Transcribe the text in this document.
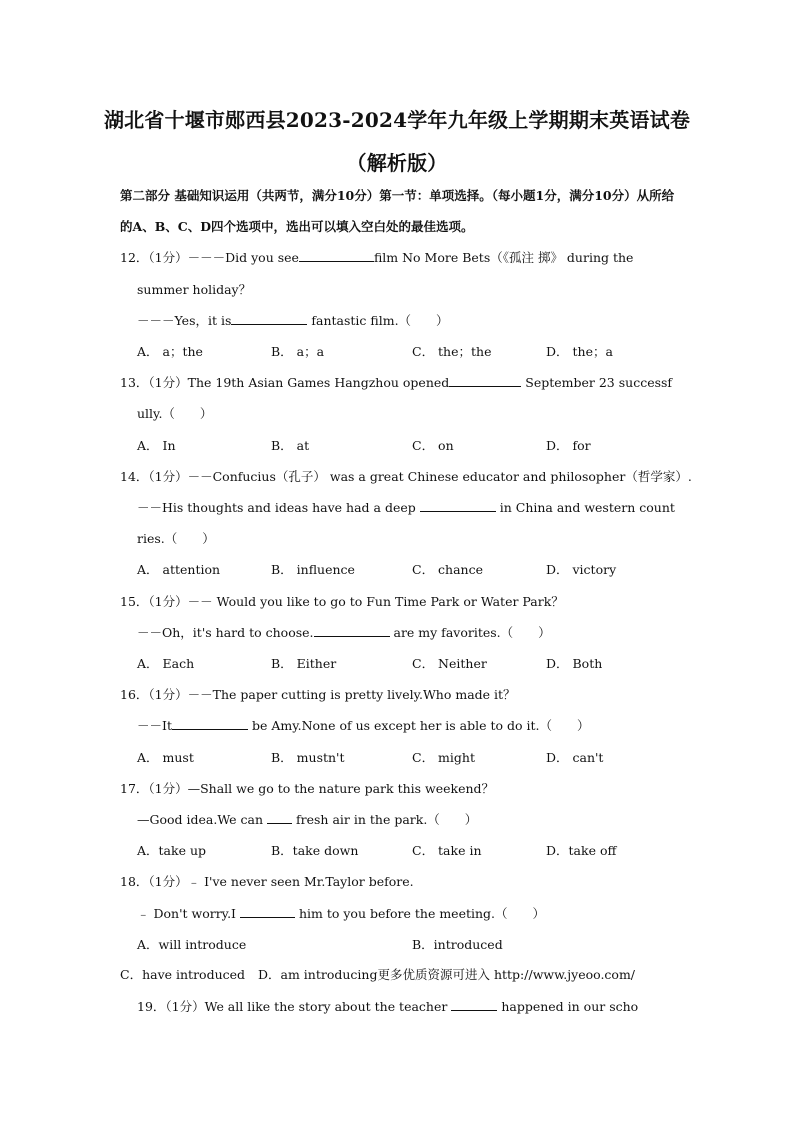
湖北省十堰市郧西县2023-2024学年九年级上学期期末英语试卷
（解析版）
第二部分 基础知识运用（共两节，满分10分）第一节：单项选择。（每小题1分，满分10分）从所给的A、B、C、D四个选项中，选出可以填入空白处的最佳选项。
12．（1分）－－－Did you see	film No More Bets（《孤注 掷》 during the
summer holiday？
－－－Yes，it is	fantastic film.（　　）
A． a；the	B． a；a	C． the；the	D． the；a
13．（1分）The 19th Asian Games Hangzhou opened	September 23 successf
ully.（　　）
A． In	B． at	C． on	D． for
14．（1分）－－Confucius（孔子） was a great Chinese educator and philosopher（哲学家）.
－－His thoughts and ideas have had a deep	in China and western count
ries.（　　）
A． attention	B． influence	C． chance	D． victory
15．（1分）－－ Would you like to go to Fun Time Park or Water Park？
－－Oh，it's hard to choose.	are my favorites.（　　）
A． Each	B． Either	C． Neither	D． Both
16．（1分）－－The paper cutting is pretty lively.Who made it？
－－It	be Amy.None of us except her is able to do it.（　　）
A． must	B． mustn't	C． might	D． can't
17．（1分）—Shall we go to the nature park this weekend？
—Good idea.We can	fresh air in the park.（　　）
A．take up	B．take down	C． take in	D．take off
18．（1分）﹣ I've never seen Mr.Taylor before.
﹣ Don't worry.I	him to you before the meeting.（　　）
A．will introduce	B．introduced
C．have introduced D．am introducing更多优质资源可进入 http://www.jyeoo.com/
19．（1分）We all like the story about the teacher	happened in our scho
